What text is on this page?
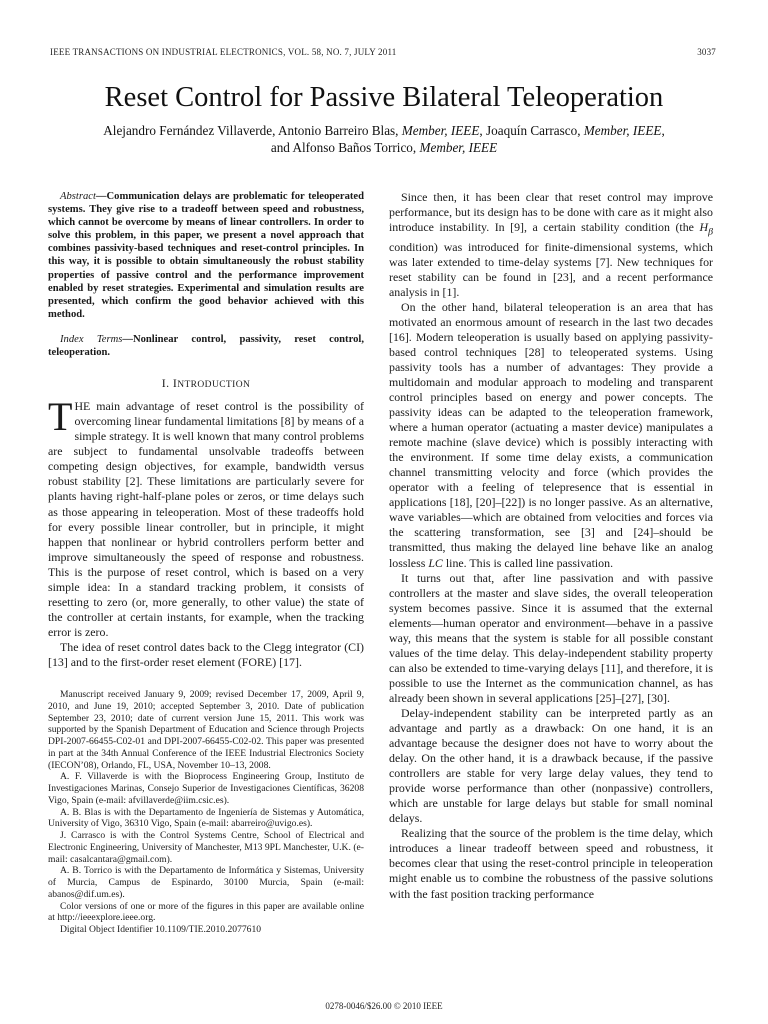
IEEE TRANSACTIONS ON INDUSTRIAL ELECTRONICS, VOL. 58, NO. 7, JULY 2011	3037
Reset Control for Passive Bilateral Teleoperation
Alejandro Fernández Villaverde, Antonio Barreiro Blas, Member, IEEE, Joaquín Carrasco, Member, IEEE,
and Alfonso Baños Torrico, Member, IEEE

Abstract—Communication delays are problematic for teleoperated systems. They give rise to a tradeoff between speed and robustness, which cannot be overcome by means of linear controllers. In order to solve this problem, in this paper, we present a novel approach that combines passivity-based techniques and reset-control principles. In this way, it is possible to obtain simultaneously the robust stability properties of passive control and the performance improvement enabled by reset strategies. Experimental and simulation results are presented, which confirm the good behavior achieved with this method.

Index Terms—Nonlinear control, passivity, reset control, teleoperation.

I. INTRODUCTION

THE main advantage of reset control is the possibility of overcoming linear fundamental limitations [8] by means of a simple strategy. It is well known that many control problems are subject to fundamental unsolvable tradeoffs between competing design objectives, for example, bandwidth versus robust stability [2]. These limitations are particularly severe for plants having right-half-plane poles or zeros, or time delays such as those appearing in teleoperation. Most of these tradeoffs hold for every possible linear controller, but in principle, it might happen that nonlinear or hybrid controllers perform better and improve simultaneously the speed of response and robustness. This is the purpose of reset control, which is based on a very simple idea: In a standard tracking problem, it consists of resetting to zero (or, more generally, to other value) the state of the controller at certain instants, for example, when the tracking error is zero.

The idea of reset control dates back to the Clegg integrator (CI) [13] and to the first-order reset element (FORE) [17].

Manuscript received January 9, 2009; revised December 17, 2009, April 9, 2010, and June 19, 2010; accepted September 3, 2010. Date of publication September 23, 2010; date of current version June 15, 2011. This work was supported by the Spanish Department of Education and Science through Projects DPI-2007-66455-C02-01 and DPI-2007-66455-C02-02. This paper was presented in part at the 34th Annual Conference of the IEEE Industrial Electronics Society (IECON’08), Orlando, FL, USA, November 10–13, 2008.

A. F. Villaverde is with the Bioprocess Engineering Group, Instituto de Investigaciones Marinas, Consejo Superior de Investigaciones Científicas, 36208 Vigo, Spain (e-mail: afvillaverde@iim.csic.es).

A. B. Blas is with the Departamento de Ingeniería de Sistemas y Automática, University of Vigo, 36310 Vigo, Spain (e-mail: abarreiro@uvigo.es).

J. Carrasco is with the Control Systems Centre, School of Electrical and Electronic Engineering, University of Manchester, M13 9PL Manchester, U.K. (e-mail: casalcantara@gmail.com).

A. B. Torrico is with the Departamento de Informática y Sistemas, University of Murcia, Campus de Espinardo, 30100 Murcia, Spain (e-mail: abanos@dif.um.es).

Color versions of one or more of the figures in this paper are available online at http://ieeexplore.ieee.org.

Digital Object Identifier 10.1109/TIE.2010.2077610

Since then, it has been clear that reset control may improve performance, but its design has to be done with care as it might also introduce instability. In [9], a certain stability condition (the $H_\beta$ condition) was introduced for finite-dimensional systems, which was later extended to time-delay systems [7]. New techniques for reset stability can be found in [23], and a recent performance analysis in [1].

On the other hand, bilateral teleoperation is an area that has motivated an enormous amount of research in the last two decades [16]. Modern teleoperation is usually based on applying passivity-based control techniques [28] to teleoperated systems. Using passivity tools has a number of advantages: They provide a multidomain and modular approach to modeling and transparent control principles based on energy and power concepts. The passivity ideas can be adapted to the teleoperation framework, where a human operator (actuating a master device) manipulates a remote machine (slave device) which is possibly interacting with the environment. If some time delay exists, a communication channel transmitting velocity and force (which provides the operator with a feeling of telepresence that is essential in applications [18], [20]–[22]) is no longer passive. As an alternative, wave variables—which are obtained from velocities and forces via the scattering transformation, see [3] and [24]–should be transmitted, thus making the delayed line behave like an analog lossless LC line. This is called line passivation.

It turns out that, after line passivation and with passive controllers at the master and slave sides, the overall teleoperation system becomes passive. Since it is assumed that the external elements—human operator and environment—behave in a passive way, this means that the system is stable for all possible constant values of the time delay. This delay-independent stability property can also be extended to time-varying delays [11], and therefore, it is possible to use the Internet as the communication channel, as has already been shown in several applications [25]–[27], [30].

Delay-independent stability can be interpreted partly as an advantage and partly as a drawback: On one hand, it is an advantage because the designer does not have to worry about the delay. On the other hand, it is a drawback because, if the passive controllers are stable for very large delay values, they tend to provide worse performance than other (nonpassive) controllers, which are unstable for large delays but stable for small nominal delays.

Realizing that the source of the problem is the time delay, which introduces a linear tradeoff between speed and robustness, it becomes clear that using the reset-control principle in teleoperation might enable us to combine the robustness of the passive solutions with the fast position tracking performance

0278-0046/$26.00 © 2010 IEEE
